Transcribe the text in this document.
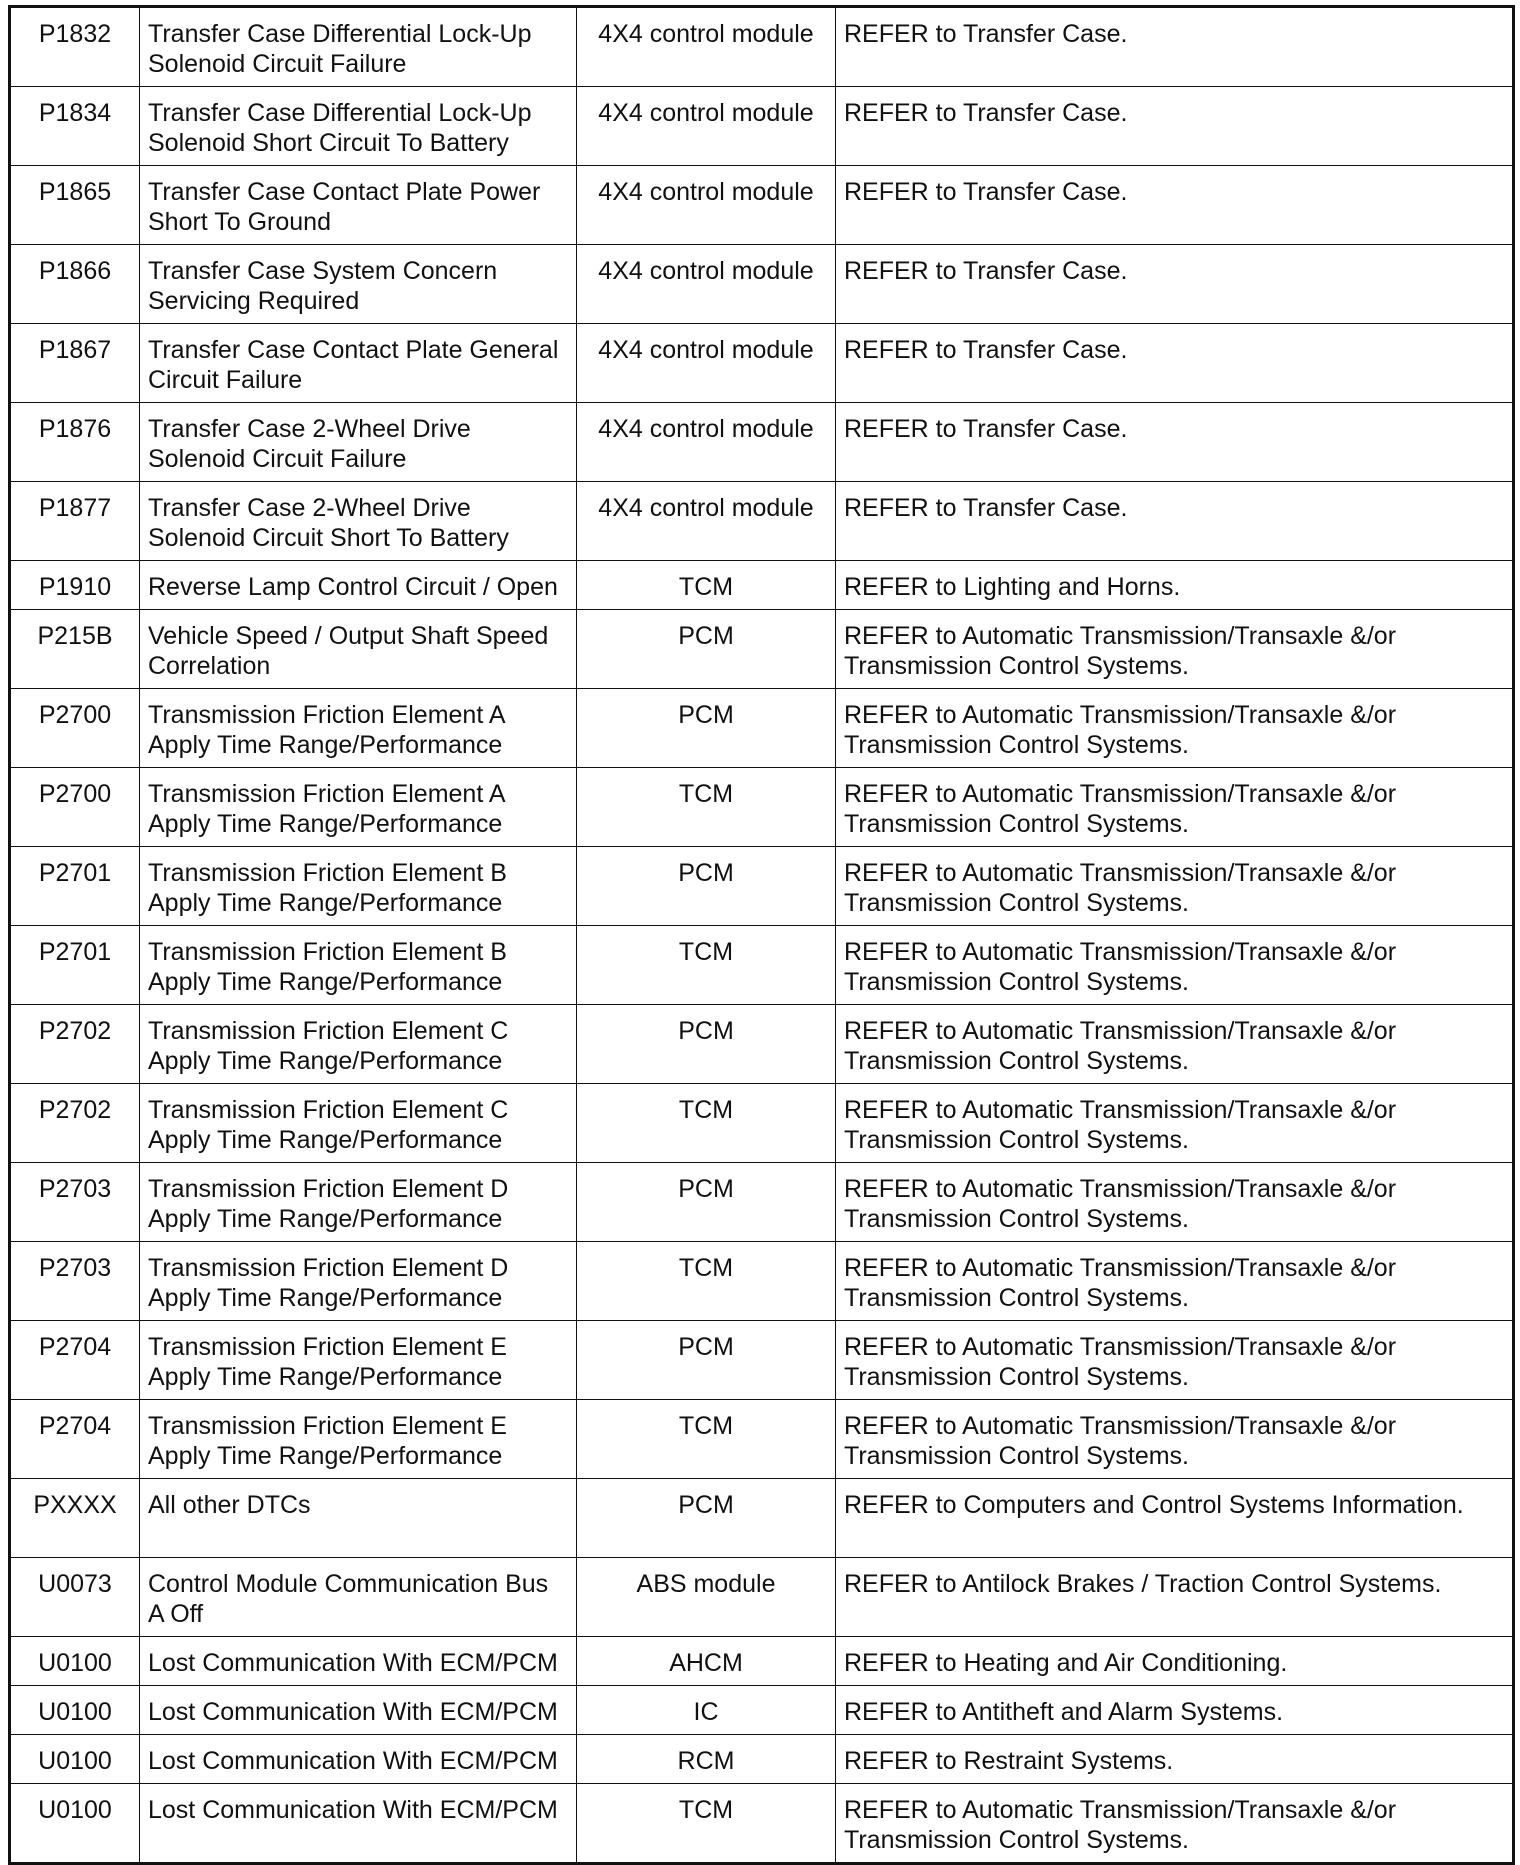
P1832	Transfer Case Differential Lock-Up Solenoid Circuit Failure	4X4 control module	REFER to Transfer Case.
P1834	Transfer Case Differential Lock-Up Solenoid Short Circuit To Battery	4X4 control module	REFER to Transfer Case.
P1865	Transfer Case Contact Plate Power Short To Ground	4X4 control module	REFER to Transfer Case.
P1866	Transfer Case System Concern Servicing Required	4X4 control module	REFER to Transfer Case.
P1867	Transfer Case Contact Plate General Circuit Failure	4X4 control module	REFER to Transfer Case.
P1876	Transfer Case 2-Wheel Drive Solenoid Circuit Failure	4X4 control module	REFER to Transfer Case.
P1877	Transfer Case 2-Wheel Drive Solenoid Circuit Short To Battery	4X4 control module	REFER to Transfer Case.
P1910	Reverse Lamp Control Circuit / Open	TCM	REFER to Lighting and Horns.
P215B	Vehicle Speed / Output Shaft Speed Correlation	PCM	REFER to Automatic Transmission/Transaxle &/or Transmission Control Systems.
P2700	Transmission Friction Element A Apply Time Range/Performance	PCM	REFER to Automatic Transmission/Transaxle &/or Transmission Control Systems.
P2700	Transmission Friction Element A Apply Time Range/Performance	TCM	REFER to Automatic Transmission/Transaxle &/or Transmission Control Systems.
P2701	Transmission Friction Element B Apply Time Range/Performance	PCM	REFER to Automatic Transmission/Transaxle &/or Transmission Control Systems.
P2701	Transmission Friction Element B Apply Time Range/Performance	TCM	REFER to Automatic Transmission/Transaxle &/or Transmission Control Systems.
P2702	Transmission Friction Element C Apply Time Range/Performance	PCM	REFER to Automatic Transmission/Transaxle &/or Transmission Control Systems.
P2702	Transmission Friction Element C Apply Time Range/Performance	TCM	REFER to Automatic Transmission/Transaxle &/or Transmission Control Systems.
P2703	Transmission Friction Element D Apply Time Range/Performance	PCM	REFER to Automatic Transmission/Transaxle &/or Transmission Control Systems.
P2703	Transmission Friction Element D Apply Time Range/Performance	TCM	REFER to Automatic Transmission/Transaxle &/or Transmission Control Systems.
P2704	Transmission Friction Element E Apply Time Range/Performance	PCM	REFER to Automatic Transmission/Transaxle &/or Transmission Control Systems.
P2704	Transmission Friction Element E Apply Time Range/Performance	TCM	REFER to Automatic Transmission/Transaxle &/or Transmission Control Systems.
PXXXX	All other DTCs	PCM	REFER to Computers and Control Systems Information.
U0073	Control Module Communication Bus A Off	ABS module	REFER to Antilock Brakes / Traction Control Systems.
U0100	Lost Communication With ECM/PCM	AHCM	REFER to Heating and Air Conditioning.
U0100	Lost Communication With ECM/PCM	IC	REFER to Antitheft and Alarm Systems.
U0100	Lost Communication With ECM/PCM	RCM	REFER to Restraint Systems.
U0100	Lost Communication With ECM/PCM	TCM	REFER to Automatic Transmission/Transaxle &/or Transmission Control Systems.
